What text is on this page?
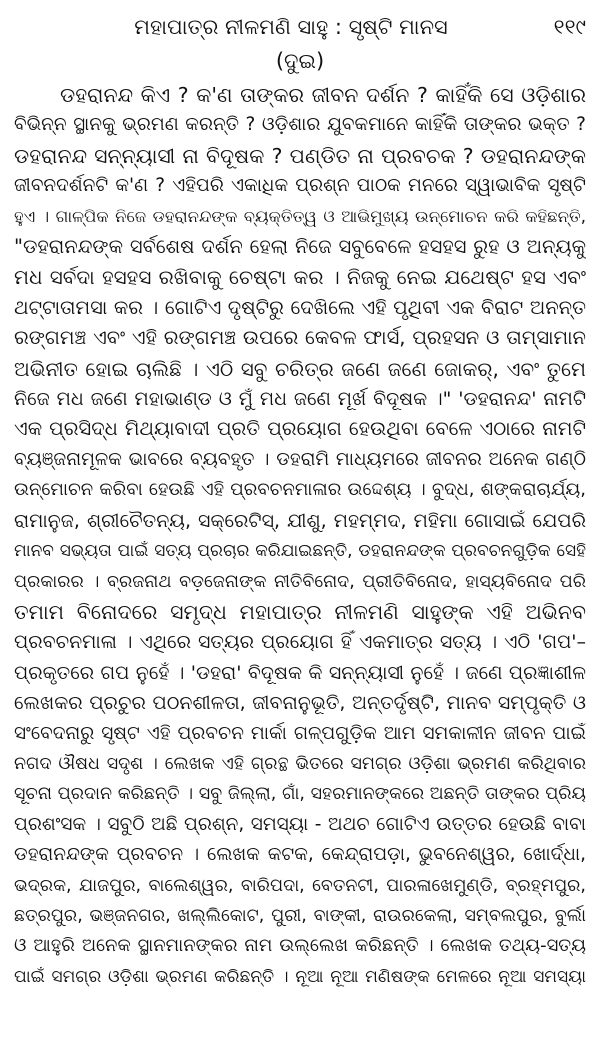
ମହାପାତ୍ର ନୀଳମଣି ସାହୁ : ସୃଷ୍ଟି ମାନସ	୧୧୯
(ଦୁଇ)
ଡହରାନନ୍ଦ କିଏ ? କ'ଣ ତାଙ୍କର ଜୀବନ ଦର୍ଶନ ? କାହିଁକି ସେ ଓଡ଼ିଶାର
ବିଭିନ୍ନ ସ୍ଥାନକୁ ଭ୍ରମଣ କରନ୍ତି ? ଓଡ଼ିଶାର ଯୁବକମାନେ କାହିଁକି ତାଙ୍କର ଭକ୍ତ ?
ଡହରାନନ୍ଦ ସନ୍ନ୍ୟାସୀ ନା ବିଦୂଷକ ? ପଣ୍ଡିତ ନା ପ୍ରବଚକ ? ଡହରାନନ୍ଦଙ୍କ
ଜୀବନଦର୍ଶନଟି କ'ଣ ? ଏହିପରି ଏକାଧିକ ପ୍ରଶ୍ନ ପାଠକ ମନରେ ସ୍ୱାଭାବିକ ସୃଷ୍ଟି
ହୁଏ । ଗାଳ୍ପିକ ନିଜେ ଡହରାନନ୍ଦଙ୍କ ବ୍ୟକ୍ତିତ୍ୱ ଓ ଆଭିମୁଖ୍ୟ ଉନ୍ମୋଚନ କରି କହିଛନ୍ତି,
"ଡହରାନନ୍ଦଙ୍କ ସର୍ବଶେଷ ଦର୍ଶନ ହେଲା ନିଜେ ସବୁବେଳେ ହସହସ ରୁହ ଓ ଅନ୍ୟକୁ
ମଧ ସର୍ବଦା ହସହସ ରଖିବାକୁ ଚେଷ୍ଟା କର । ନିଜକୁ ନେଇ ଯଥେଷ୍ଟ ହସ ଏବଂ
ଥଟ୍ଟାତାମସା କର । ଗୋଟିଏ ଦୃଷ୍ଟିରୁ ଦେଖିଲେ ଏହି ପୃଥିବୀ ଏକ ବିରାଟ ଅନନ୍ତ
ରଙ୍ଗମଞ୍ଚ ଏବଂ ଏହି ରଙ୍ଗମଞ୍ଚ ଉପରେ କେବଳ ଫାର୍ସ, ପ୍ରହସନ ଓ ତାମ୍ସାମାନ
ଅଭିନୀତ ହୋଇ ଚାଲିଛି । ଏଠି ସବୁ ଚରିତ୍ର ଜଣେ ଜଣେ ଜୋକର୍, ଏବଂ ତୁମେ
ନିଜେ ମଧ ଜଣେ ମହାଭାଣ୍ଡ ଓ ମୁଁ ମଧ ଜଣେ ମୂର୍ଖ ବିଦୂଷକ ।" 'ଡହରାନନ୍ଦ' ନାମଟି
ଏକ ପ୍ରସିଦ୍ଧ ମିଥ୍ୟାବାଦୀ ପ୍ରତି ପ୍ରୟୋଗ ହେଉଥିବା ବେଳେ ଏଠାରେ ନାମଟି
ବ୍ୟଞ୍ଜନାମୂଳକ ଭାବରେ ବ୍ୟବହୃତ । ଡହରାମି ମାଧ୍ୟମରେ ଜୀବନର ଅନେକ ଗଣ୍ଠି
ଉନ୍ମୋଚନ କରିବା ହେଉଛି ଏହି ପ୍ରବଚନମାଳାର ଉଦ୍ଦେଶ୍ୟ । ବୁଦ୍ଧ, ଶଙ୍କରାଚାର୍ଯ୍ୟ,
ରାମାନୁଜ, ଶ୍ରୀଚୈତନ୍ୟ, ସକ୍ରେଟିସ୍, ଯୀଶୁ, ମହମ୍ମଦ, ମହିମା ଗୋସାଇଁ ଯେପରି
ମାନବ ସଭ୍ୟତା ପାଇଁ ସତ୍ୟ ପ୍ରଚାର କରିଯାଇଛନ୍ତି, ଡହରାନନ୍ଦଙ୍କ ପ୍ରବଚନଗୁଡ଼ିକ ସେହି
ପ୍ରକାରର । ବ୍ରଜନାଥ ବଡ଼ଜେନାଙ୍କ ନୀତିବିନୋଦ, ପ୍ରୀତିବିନୋଦ, ହାସ୍ୟବିନୋଦ ପରି
ତମାମ ବିନୋଦରେ ସମୃଦ୍ଧ ମହାପାତ୍ର ନୀଳମଣି ସାହୁଙ୍କ ଏହି ଅଭିନବ
ପ୍ରବଚନମାଳା । ଏଥିରେ ସତ୍ୟର ପ୍ରୟୋଗ ହିଁ ଏକମାତ୍ର ସତ୍ୟ । ଏଠି 'ଗପ'–
ପ୍ରକୃତରେ ଗପ ନୁହେଁ । 'ଡହରା' ବିଦୂଷକ କି ସନ୍ନ୍ୟାସୀ ନୁହେଁ । ଜଣେ ପ୍ରଜ୍ଞାଶୀଳ
ଲେଖକର ପ୍ରଚୁର ପଠନଶୀଳତା, ଜୀବନାନୁଭୂତି, ଅନ୍ତର୍ଦୃଷ୍ଟି, ମାନବ ସମ୍ପୃକ୍ତି ଓ
ସଂବେଦନାରୁ ସୃଷ୍ଟ ଏହି ପ୍ରବଚନ ମାର୍କା ଗଳ୍ପଗୁଡ଼ିକ ଆମ ସମକାଳୀନ ଜୀବନ ପାଇଁ
ନଗଦ ଔଷଧ ସଦୃଶ । ଲେଖକ ଏହି ଗ୍ରନ୍ଥ ଭିତରେ ସମଗ୍ର ଓଡ଼ିଶା ଭ୍ରମଣ କରିଥିବାର
ସୂଚନା ପ୍ରଦାନ କରିଛନ୍ତି । ସବୁ ଜିଲ୍ଲା, ଗାଁ, ସହରମାନଙ୍କରେ ଅଛନ୍ତି ତାଙ୍କର ପ୍ରିୟ
ପ୍ରଶଂସକ । ସବୁଠି ଅଛି ପ୍ରଶ୍ନ, ସମସ୍ୟା - ଅଥଚ ଗୋଟିଏ ଉତ୍ତର ହେଉଛି ବାବା
ଡହରାନନ୍ଦଙ୍କ ପ୍ରବଚନ । ଲେଖକ କଟକ, କେନ୍ଦ୍ରାପଡ଼ା, ଭୁବନେଶ୍ୱର, ଖୋର୍ଦ୍ଧା,
ଭଦ୍ରକ, ଯାଜପୁର, ବାଲେଶ୍ୱର, ବାରିପଦା, ବେତନଟୀ, ପାରଳାଖେମୁଣ୍ଡି, ବ୍ରହ୍ମପୁର,
ଛତ୍ରପୁର, ଭଞ୍ଜନଗର, ଖଲ୍ଲିକୋଟ, ପୁରୀ, ବାଙ୍କୀ, ରାଉରକେଲା, ସମ୍ବଲପୁର, ବୁର୍ଲା
ଓ ଆହୁରି ଅନେକ ସ୍ଥାନମାନଙ୍କର ନାମ ଉଲ୍ଲେଖ କରିଛନ୍ତି । ଲେଖକ ତଥ୍ୟ-ସତ୍ୟ
ପାଇଁ ସମଗ୍ର ଓଡ଼ିଶା ଭ୍ରମଣ କରିଛନ୍ତି । ନୂଆ ନୂଆ ମଣିଷଙ୍କ ମେଳରେ ନୂଆ ସମସ୍ୟା
